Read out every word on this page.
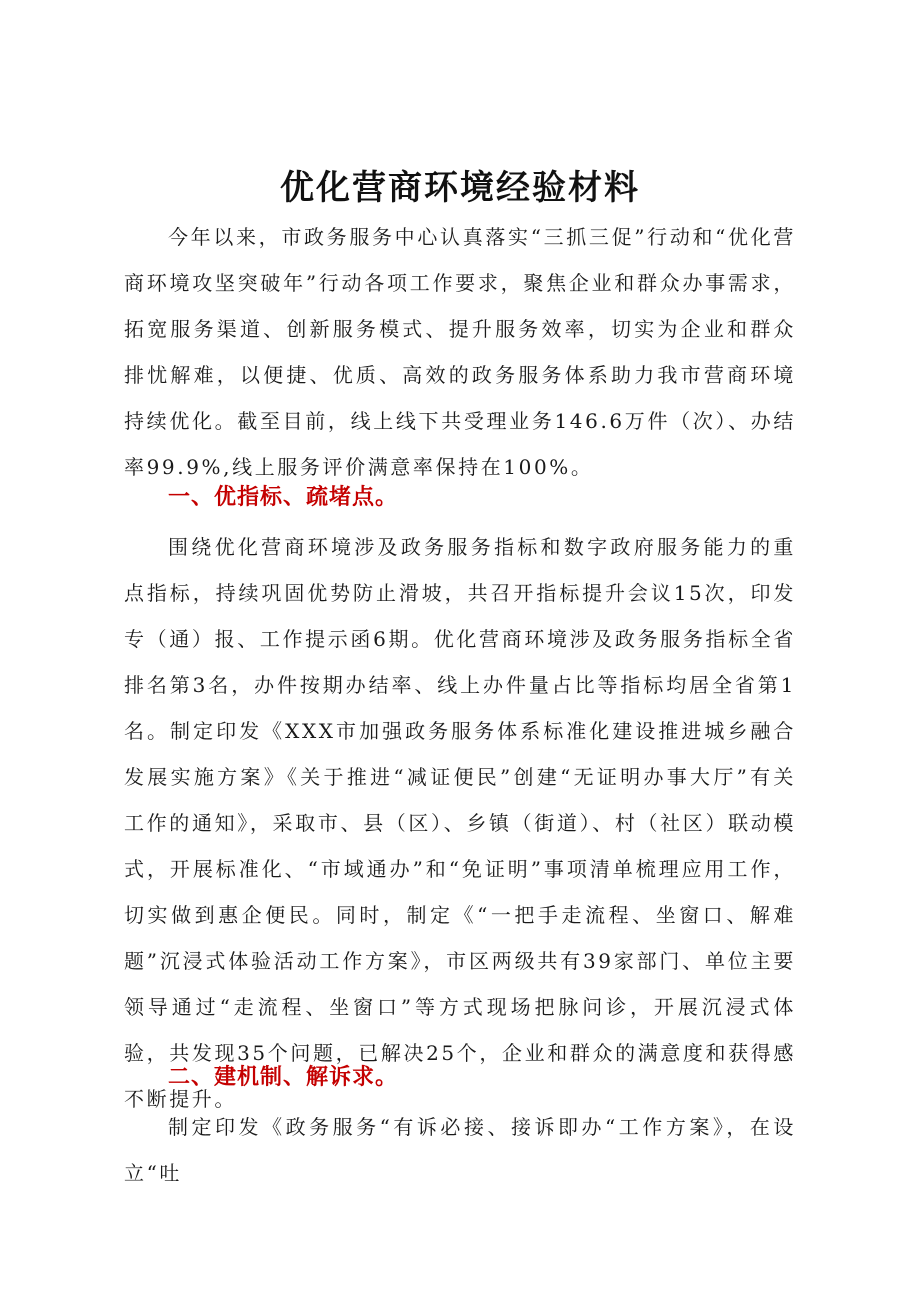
优化营商环境经验材料

今年以来，市政务服务中心认真落实“三抓三促”行动和“优化营商环境攻坚突破年”行动各项工作要求，聚焦企业和群众办事需求，拓宽服务渠道、创新服务模式、提升服务效率，切实为企业和群众排忧解难，以便捷、优质、高效的政务服务体系助力我市营商环境持续优化。截至目前，线上线下共受理业务146.6万件（次）、办结率99.9%,线上服务评价满意率保持在100%。

一、优指标、疏堵点。

围绕优化营商环境涉及政务服务指标和数字政府服务能力的重点指标，持续巩固优势防止滑坡，共召开指标提升会议15次，印发专（通）报、工作提示函6期。优化营商环境涉及政务服务指标全省排名第3名，办件按期办结率、线上办件量占比等指标均居全省第1名。制定印发《XXX市加强政务服务体系标准化建设推进城乡融合发展实施方案》《关于推进“减证便民”创建“无证明办事大厅”有关工作的通知》，采取市、县（区）、乡镇（街道）、村（社区）联动模式，开展标准化、“市域通办”和“免证明”事项清单梳理应用工作，切实做到惠企便民。同时，制定《“一把手走流程、坐窗口、解难题”沉浸式体验活动工作方案》，市区两级共有39家部门、单位主要领导通过“走流程、坐窗口”等方式现场把脉问诊，开展沉浸式体验，共发现35个问题，已解决25个，企业和群众的满意度和获得感不断提升。

二、建机制、解诉求。

制定印发《政务服务“有诉必接、接诉即办“工作方案》，在设立“吐
